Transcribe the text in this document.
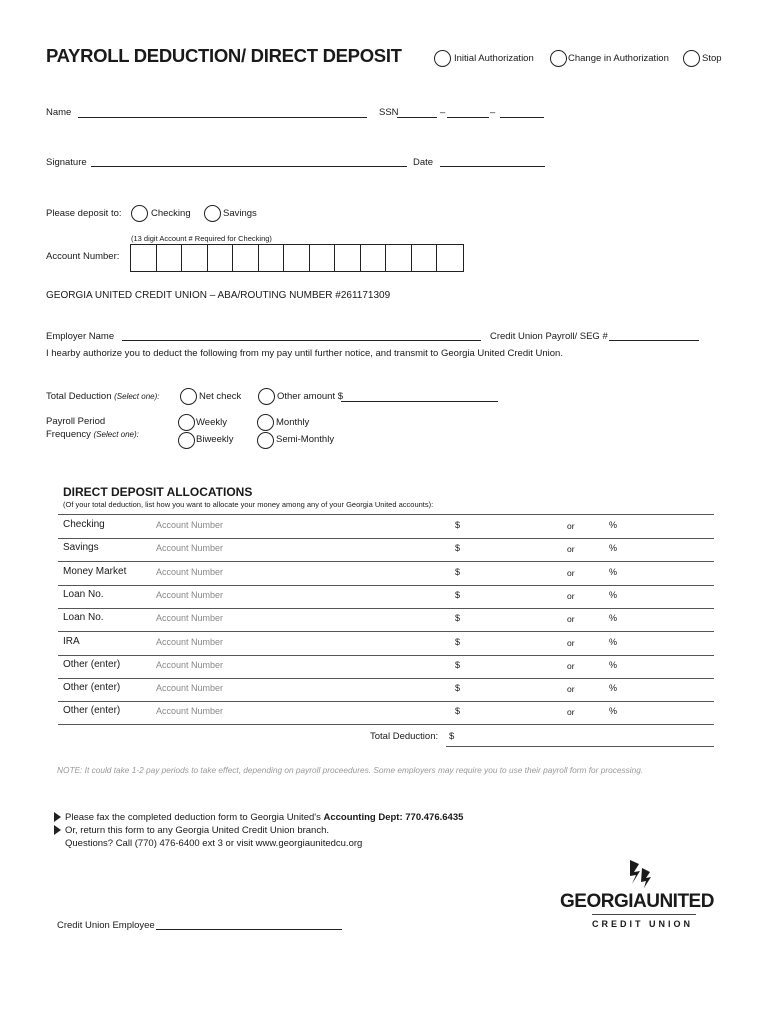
PAYROLL DEDUCTION/ DIRECT DEPOSIT	Initial Authorization	Change in Authorization	Stop
Name	SSN	–	–
Signature	Date
Please deposit to:	Checking	Savings
(13 digit Account # Required for Checking)
Account Number:
GEORGIA UNITED CREDIT UNION – ABA/ROUTING NUMBER #261171309
Employer Name	Credit Union Payroll/ SEG #
I hearby authorize you to deduct the following from my pay until further notice, and transmit to Georgia United Credit Union.
Total Deduction (Select one):	Net check	Other amount $
Payroll Period
Frequency (Select one):
Weekly	Monthly
Biweekly	Semi-Monthly
DIRECT DEPOSIT ALLOCATIONS
(Of your total deduction, list how you want to allocate your money among any of your Georgia United accounts):
Checking	Account Number	$	or	%
Savings	Account Number	$	or	%
Money Market	Account Number	$	or	%
Loan No.	Account Number	$	or	%
Loan No.	Account Number	$	or	%
IRA	Account Number	$	or	%
Other (enter)	Account Number	$	or	%
Other (enter)	Account Number	$	or	%
Other (enter)	Account Number	$	or	%
Total Deduction: $
NOTE: It could take 1-2 pay periods to take effect, depending on payroll proceedures. Some employers may require you to use their payroll form for processing.
Please fax the completed deduction form to Georgia United's Accounting Dept: 770.476.6435
Or, return this form to any Georgia United Credit Union branch.
Questions? Call (770) 476-6400 ext 3 or visit www.georgiaunitedcu.org
Credit Union Employee
GEORGIAUNITED
CREDIT UNION
